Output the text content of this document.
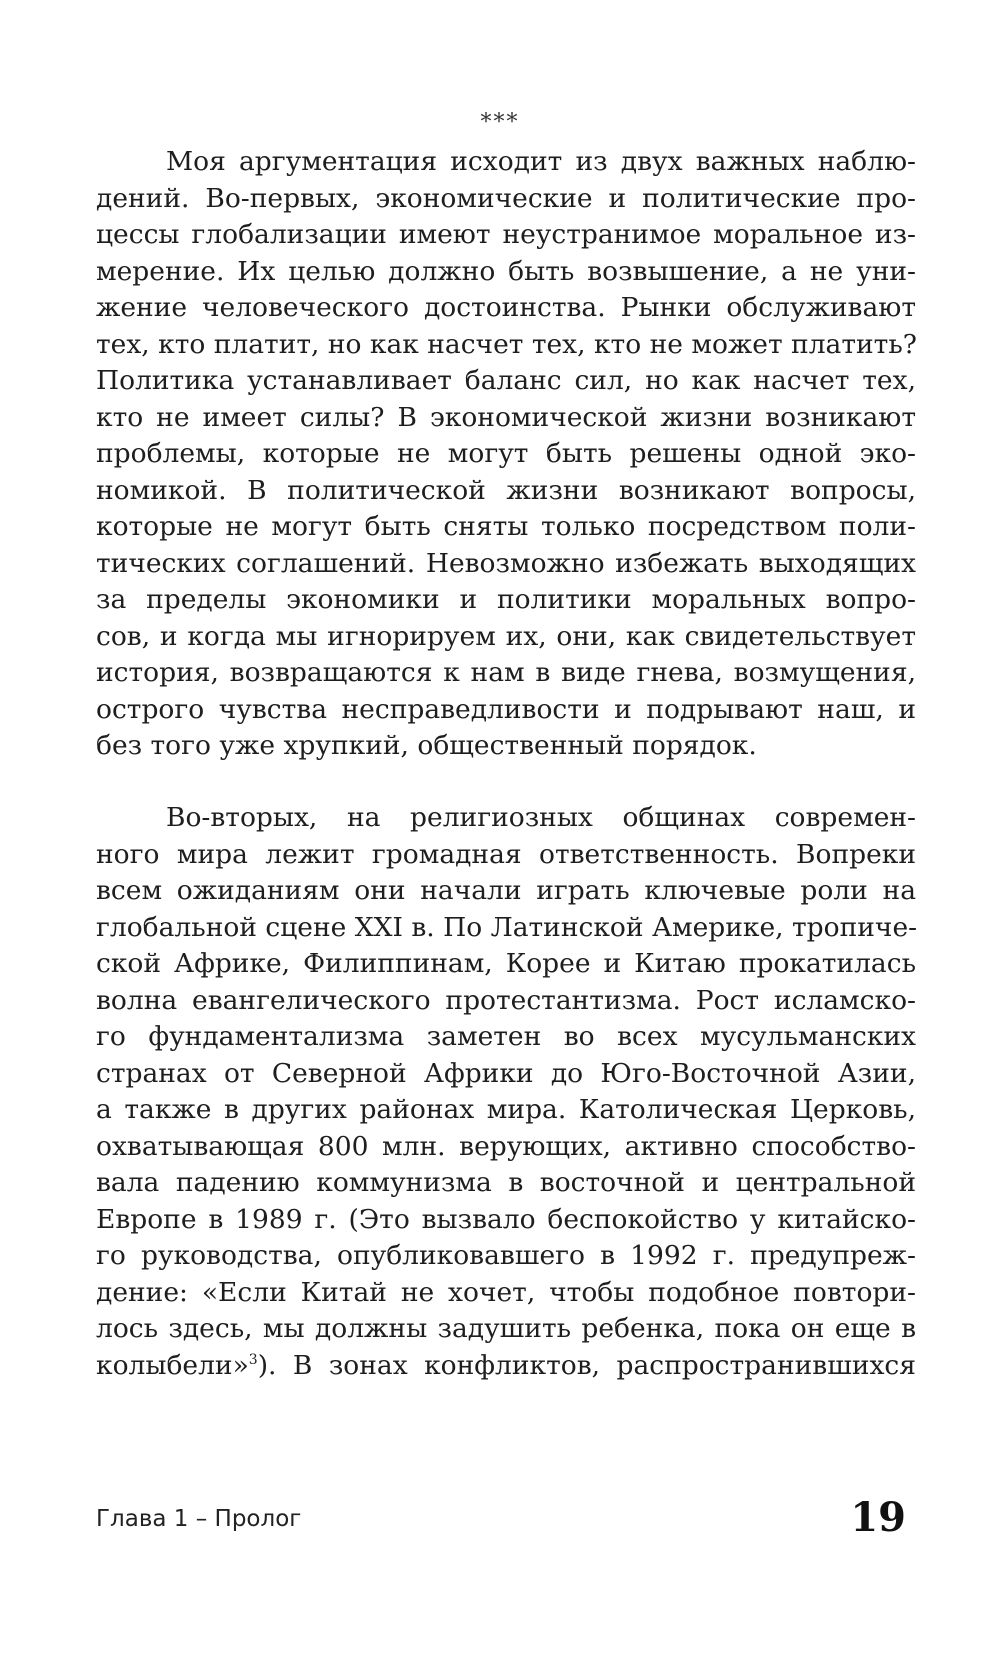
***
Моя аргументация исходит из двух важных наблю-
дений. Во-первых, экономические и политические про-
цессы глобализации имеют неустранимое моральное из-
мерение. Их целью должно быть возвышение, а не уни-
жение человеческого достоинства. Рынки обслуживают
тех, кто платит, но как насчет тех, кто не может платить?
Политика устанавливает баланс сил, но как насчет тех,
кто не имеет силы? В экономической жизни возникают
проблемы, которые не могут быть решены одной эко-
номикой. В политической жизни возникают вопросы,
которые не могут быть сняты только посредством поли-
тических соглашений. Невозможно избежать выходящих
за пределы экономики и политики моральных вопро-
сов, и когда мы игнорируем их, они, как свидетельствует
история, возвращаются к нам в виде гнева, возмущения,
острого чувства несправедливости и подрывают наш, и
без того уже хрупкий, общественный порядок.
Во-вторых, на религиозных общинах современ-
ного мира лежит громадная ответственность. Вопреки
всем ожиданиям они начали играть ключевые роли на
глобальной сцене XXI в. По Латинской Америке, тропиче-
ской Африке, Филиппинам, Корее и Китаю прокатилась
волна евангелического протестантизма. Рост исламско-
го фундаментализма заметен во всех мусульманских
странах от Северной Африки до Юго-Восточной Азии,
а также в других районах мира. Католическая Церковь,
охватывающая 800 млн. верующих, активно способство-
вала падению коммунизма в восточной и центральной
Европе в 1989 г. (Это вызвало беспокойство у китайско-
го руководства, опубликовавшего в 1992 г. предупреж-
дение: «Если Китай не хочет, чтобы подобное повтори-
лось здесь, мы должны задушить ребенка, пока он еще в
колыбели»$^3$). В зонах конфликтов, распространившихся
Глава 1 – Пролог	19
